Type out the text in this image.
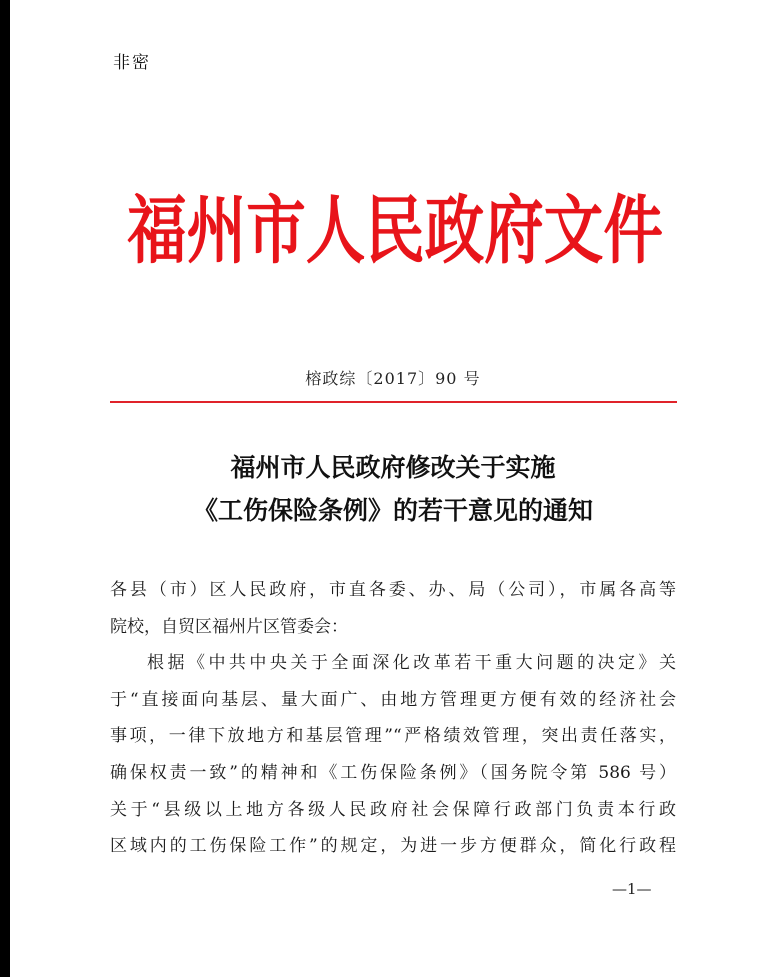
非密
福州市人民政府文件
榕政综〔2017〕90 号
福州市人民政府修改关于实施
《工伤保险条例》的若干意见的通知
各县（市）区人民政府，市直各委、办、局（公司），市属各高等
院校，自贸区福州片区管委会：
根据《中共中央关于全面深化改革若干重大问题的决定》关
于“直接面向基层、量大面广、由地方管理更方便有效的经济社会
事项，一律下放地方和基层管理”“严格绩效管理，突出责任落实，
确保权责一致”的精神和《工伤保险条例》（国务院令第 586 号）
关于“县级以上地方各级人民政府社会保障行政部门负责本行政
区域内的工伤保险工作”的规定，为进一步方便群众，简化行政程
—1—
